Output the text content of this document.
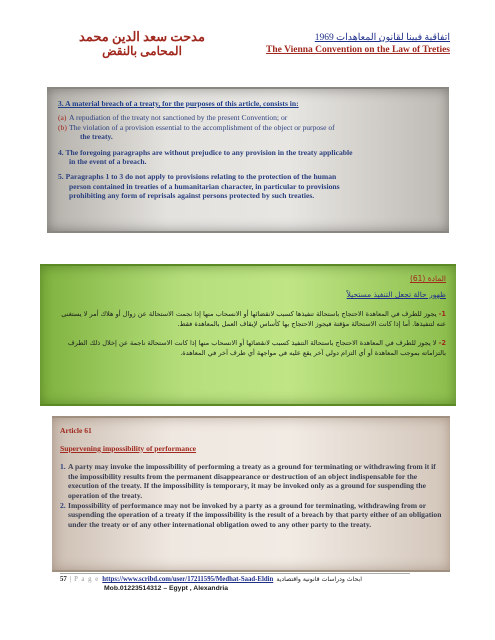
مدحت سعد الدين محمد
المحامى بالنقض
اتفاقية فيينا لقانون المعاهدات 1969
The Vienna Convention on the Law of Treties

3. A material breach of a treaty, for the purposes of this article, consists in:

(a) A repudiation of the treaty not sanctioned by the present Convention; or
(b) The violation of a provision essential to the accomplishment of the object or purpose of

the treaty.

4. The foregoing paragraphs are without prejudice to any provision in the treaty applicable

in the event of a breach.

5. Paragraphs 1 to 3 do not apply to provisions relating to the protection of the human

person contained in treaties of a humanitarian character, in particular to provisions

prohibiting any form of reprisals against persons protected by such treaties.

المادة (61)
ظهور حالة تجعل التنفيذ مستحيلاً
1- يجوز للطرف في المعاهدة الاحتجاج باستحالة تنفيذها كسبب لانقضائها أو الانسحاب منها إذا نجمت الاستحالة عن زوال أو هلاك أمر لا يستغنى عنه لتنفيذها. أما إذا كانت الاستحالة مؤقتة فيجوز الاحتجاج بها كأساس لإيقاف العمل بالمعاهدة فقط.
2- لا يجوز للطرف في المعاهدة الاحتجاج باستحالة التنفيذ كسبب لانقضائها أو الانسحاب منها إذا كانت الاستحالة ناجمة عن إخلال ذلك الطرف بالتزاماته بموجب المعاهدة أو أي التزام دولي آخر يقع عليه في مواجهة أي طرف آخر في المعاهدة.
Article 61
Supervening impossibility of performance
1. A party may invoke the impossibility of performing a treaty as a ground for terminating or withdrawing from it if the impossibility results from the permanent disappearance or destruction of an object indispensable for the execution of the treaty. If the impossibility is temporary, it may be invoked only as a ground for suspending the operation of the treaty.
2. Impossibility of performance may not be invoked by a party as a ground for terminating, withdrawing from or suspending the operation of a treaty if the impossibility is the result of a breach by that party either of an obligation under the treaty or of any other international obligation owed to any other party to the treaty.
57 | P a g e https://www.scribd.com/user/17211595/Medhat-Saad-Eldin ابحاث ودراسات قانونية واقتصادية
Mob.01223514312 – Egypt , Alexandria
